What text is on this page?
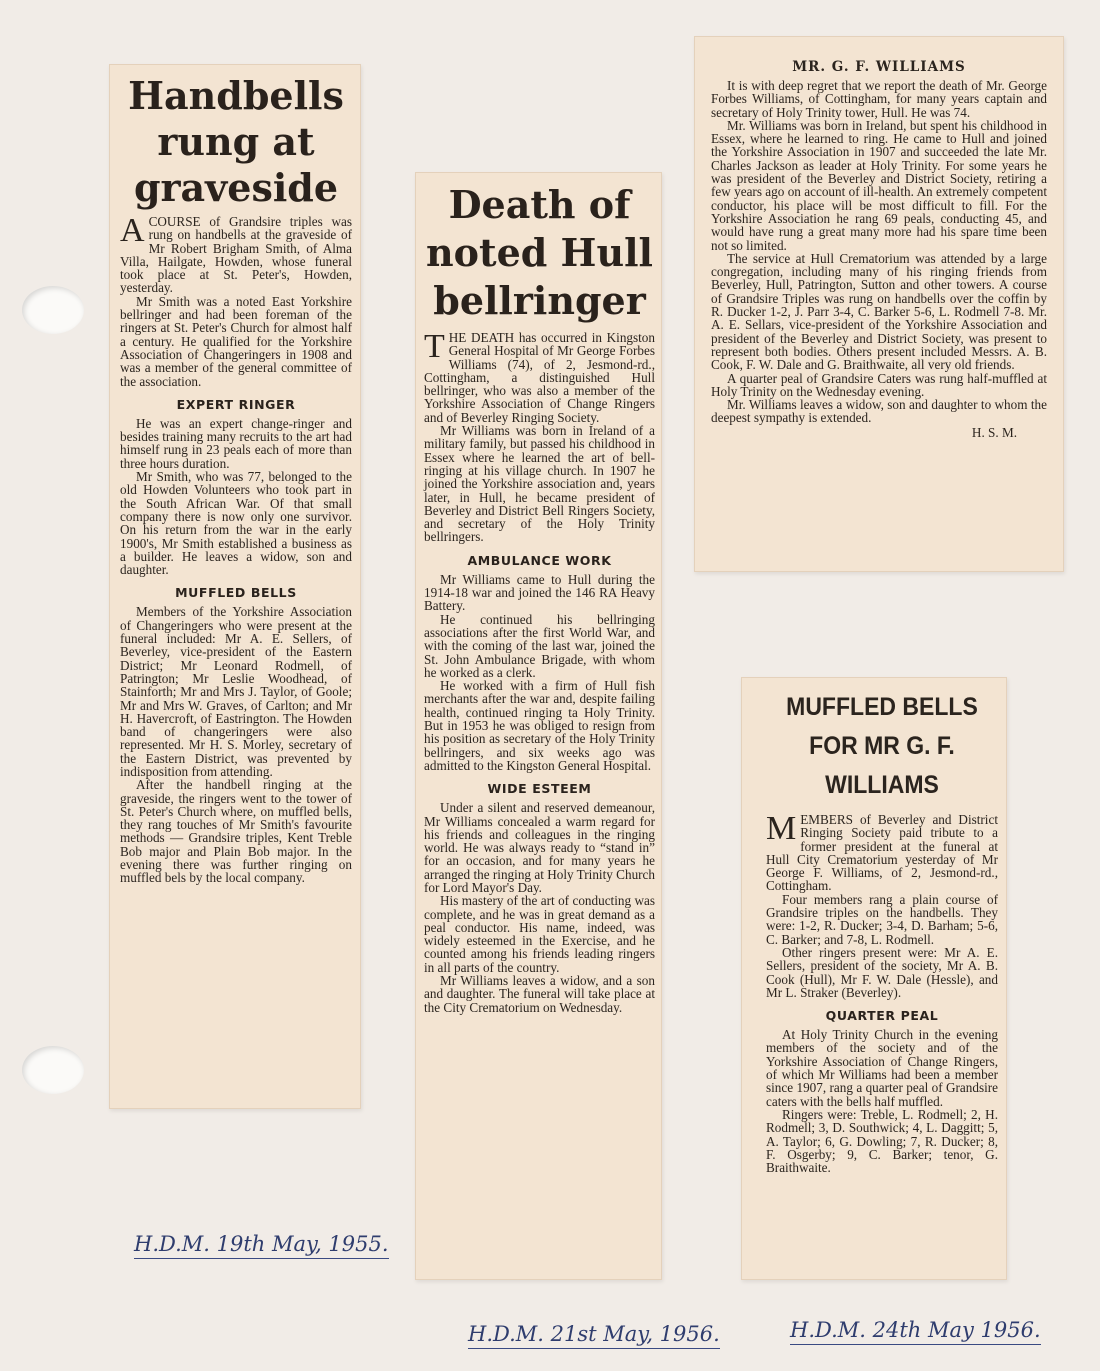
Handbells
rung at
graveside

A COURSE of Grandsire triples was rung on handbells at the graveside of Mr Robert Brigham Smith, of Alma Villa, Hailgate, Howden, whose funeral took place at St. Peter's, Howden, yesterday.

Mr Smith was a noted East Yorkshire bellringer and had been foreman of the ringers at St. Peter's Church for almost half a century. He qualified for the Yorkshire Association of Changeringers in 1908 and was a member of the general committee of the association.

EXPERT RINGER

He was an expert change-ringer and besides training many recruits to the art had himself rung in 23 peals each of more than three hours duration.

Mr Smith, who was 77, belonged to the old Howden Volunteers who took part in the South African War. Of that small company there is now only one survivor. On his return from the war in the early 1900's, Mr Smith established a business as a builder. He leaves a widow, son and daughter.

MUFFLED BELLS

Members of the Yorkshire Association of Changeringers who were present at the funeral included: Mr A. E. Sellers, of Beverley, vice-president of the Eastern District; Mr Leonard Rodmell, of Patrington; Mr Leslie Woodhead, of Stainforth; Mr and Mrs J. Taylor, of Goole; Mr and Mrs W. Graves, of Carlton; and Mr H. Havercroft, of Eastrington. The Howden band of changeringers were also represented. Mr H. S. Morley, secretary of the Eastern District, was prevented by indisposition from attending.

After the handbell ringing at the graveside, the ringers went to the tower of St. Peter's Church where, on muffled bells, they rang touches of Mr Smith's favourite methods — Grandsire triples, Kent Treble Bob major and Plain Bob major. In the evening there was further ringing on muffled bels by the local company.

H.D.M. 19th May, 1955.
Death of
noted Hull
bellringer

THE DEATH has occurred in Kingston General Hospital of Mr George Forbes Williams (74), of 2, Jesmond-rd., Cottingham, a distinguished Hull bellringer, who was also a member of the Yorkshire Association of Change Ringers and of Beverley Ringing Society.

Mr Williams was born in Ireland of a military family, but passed his childhood in Essex where he learned the art of bell-ringing at his village church. In 1907 he joined the Yorkshire association and, years later, in Hull, he became president of Beverley and District Bell Ringers Society, and secretary of the Holy Trinity bellringers.

AMBULANCE WORK

Mr Williams came to Hull during the 1914-18 war and joined the 146 RA Heavy Battery.

He continued his bellringing associations after the first World War, and with the coming of the last war, joined the St. John Ambulance Brigade, with whom he worked as a clerk.

He worked with a firm of Hull fish merchants after the war and, despite failing health, continued ringing ta Holy Trinity. But in 1953 he was obliged to resign from his position as secretary of the Holy Trinity bellringers, and six weeks ago was admitted to the Kingston General Hospital.

WIDE ESTEEM

Under a silent and reserved demeanour, Mr Williams concealed a warm regard for his friends and colleagues in the ringing world. He was always ready to “stand in” for an occasion, and for many years he arranged the ringing at Holy Trinity Church for Lord Mayor's Day.

His mastery of the art of conducting was complete, and he was in great demand as a peal conductor. His name, indeed, was widely esteemed in the Exercise, and he counted among his friends leading ringers in all parts of the country.

Mr Williams leaves a widow, and a son and daughter. The funeral will take place at the City Crematorium on Wednesday.

H.D.M. 21st May, 1956.
MR. G. F. WILLIAMS

It is with deep regret that we report the death of Mr. George Forbes Williams, of Cottingham, for many years captain and secretary of Holy Trinity tower, Hull. He was 74.

Mr. Williams was born in Ireland, but spent his childhood in Essex, where he learned to ring. He came to Hull and joined the Yorkshire Association in 1907 and succeeded the late Mr. Charles Jackson as leader at Holy Trinity. For some years he was president of the Beverley and District Society, retiring a few years ago on account of ill-health. An extremely competent conductor, his place will be most difficult to fill. For the Yorkshire Association he rang 69 peals, conducting 45, and would have rung a great many more had his spare time been not so limited.

The service at Hull Crematorium was attended by a large congregation, including many of his ringing friends from Beverley, Hull, Patrington, Sutton and other towers. A course of Grandsire Triples was rung on handbells over the coffin by R. Ducker 1-2, J. Parr 3-4, C. Barker 5-6, L. Rodmell 7-8. Mr. A. E. Sellars, vice-president of the Yorkshire Association and president of the Beverley and District Society, was present to represent both bodies. Others present included Messrs. A. B. Cook, F. W. Dale and G. Braithwaite, all very old friends.

A quarter peal of Grandsire Caters was rung half-muffled at Holy Trinity on the Wednesday evening.

Mr. Williams leaves a widow, son and daughter to whom the deepest sympathy is extended.

H. S. M.
MUFFLED BELLS
FOR MR G. F.
WILLIAMS

MEMBERS of Beverley and District Ringing Society paid tribute to a former president at the funeral at Hull City Crematorium yesterday of Mr George F. Williams, of 2, Jesmond-rd., Cottingham.

Four members rang a plain course of Grandsire triples on the handbells. They were: 1-2, R. Ducker; 3-4, D. Barham; 5-6, C. Barker; and 7-8, L. Rodmell.

Other ringers present were: Mr A. E. Sellers, president of the society, Mr A. B. Cook (Hull), Mr F. W. Dale (Hessle), and Mr L. Straker (Beverley).

QUARTER PEAL

At Holy Trinity Church in the evening members of the society and of the Yorkshire Association of Change Ringers, of which Mr Williams had been a member since 1907, rang a quarter peal of Grandsire caters with the bells half muffled.

Ringers were: Treble, L. Rodmell; 2, H. Rodmell; 3, D. Southwick; 4, L. Daggitt; 5, A. Taylor; 6, G. Dowling; 7, R. Ducker; 8, F. Osgerby; 9, C. Barker; tenor, G. Braithwaite.

H.D.M. 24th May 1956.
